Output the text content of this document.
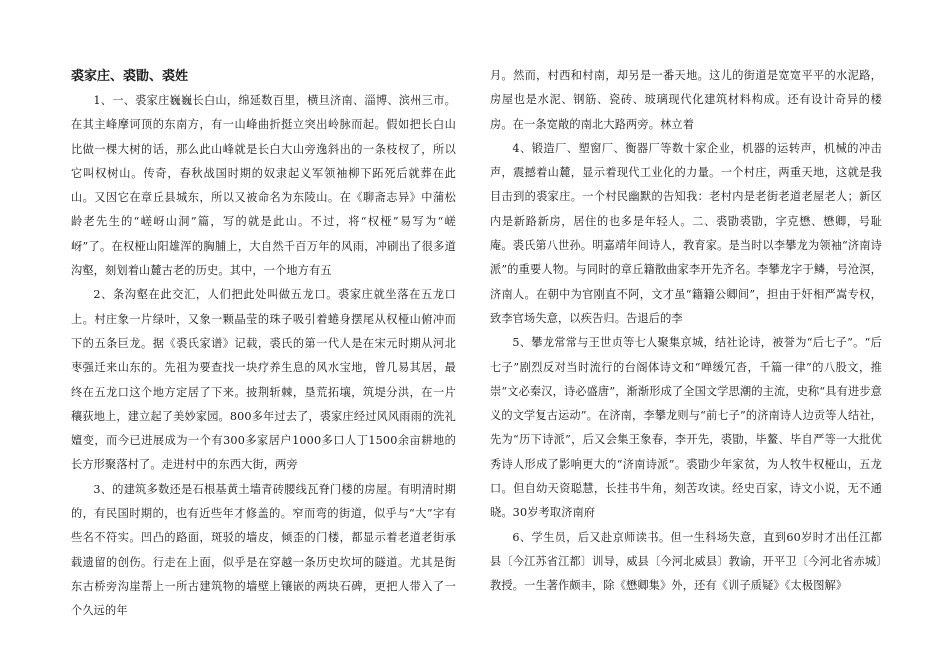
裘家庄、裘勖、裘姓

1、一、裘家庄巍巍长白山，绵延数百里，横旦济南、淄博、滨州三市。在其主峰摩诃顶的东南方，有一山峰曲折挺立突出岭脉而起。假如把长白山比做一棵大树的话，那么此山峰就是长白大山旁逸斜出的一条枝杈了，所以它叫权树山。传奇，春秋战国时期的奴隶起义军领袖柳下跖死后就葬在此山。又因它在章丘县城东，所以又被命名为东陵山。在《聊斋志异》中蒲松龄老先生的“嵯岈山洞”篇，写的就是此山。不过，将“权桠”易写为“嵯岈”了。在权桠山阳雄浑的胸脯上，大自然千百万年的风雨，冲刷出了很多道沟壑，刻划着山麓古老的历史。其中，一个地方有五

2、条沟壑在此交汇，人们把此处叫做五龙口。裘家庄就坐落在五龙口上。村庄象一片绿叶，又象一颗晶莹的珠子吸引着蜷身摆尾从权桠山俯冲而下的五条巨龙。据《裘氏家谱》记载，裘氏的第一代人是在宋元时期从河北枣强迁来山东的。先祖为要查找一块疗养生息的风水宝地，曾几易其居，最终在五龙口这个地方定居了下来。披荆斩棘，垦荒拓壤，筑堤分洪，在一片穰荻地上，建立起了美妙家园。800多年过去了，裘家庄经过风风雨雨的洗礼嬗变，而今已进展成为一个有300多家居户1000多口人丁1500余亩耕地的长方形聚落村了。走进村中的东西大街，两旁

3、的建筑多数还是石根基黄土墙青砖腰线瓦脊门楼的房屋。有明清时期的，有民国时期的，也有近些年才修盖的。窄而弯的街道，似乎与“大”字有些名不符实。凹凸的路面，斑驳的墙皮，倾歪的门楼，都显示着老道老街承载遗留的创伤。行走在上面，似乎是在穿越一条历史坎坷的隧道。尤其是街东古桥旁沟崖帮上一所古建筑物的墙壁上镶嵌的两块石碑，更把人带入了一个久远的年

月。然而，村西和村南，却另是一番天地。这儿的街道是宽宽平平的水泥路，房屋也是水泥、钢筋、瓷砖、玻璃现代化建筑材料构成。还有设计奇异的楼房。在一条宽敞的南北大路两旁。林立着

4、锻造厂、塑窗厂、衡器厂等数十家企业，机器的运转声，机械的冲击声，震撼着山麓，显示着现代工业化的力量。一个村庄，两重天地，这就是我目击到的裘家庄。一个村民幽默的告知我：老村内是老街老道老屋老人；新区内是新路新房，居住的也多是年轻人。二、裘勖裘勖，字克懋、懋卿，号耻庵。裘氏第八世孙。明嘉靖年间诗人，教育家。是当时以李攀龙为领袖“济南诗派”的重要人物。与同时的章丘籍散曲家李开先齐名。李攀龙字于鳞，号沧溟，济南人。在朝中为官刚直不阿，文才虽“籍籍公卿间”，担由于奸相严嵩专权，致李官场失意，以疾告归。告退后的李

5、攀龙常常与王世贞等七人聚集京城，结社论诗，被誉为“后七子”。“后七子”剧烈反对当时流行的台阁体诗文和“啴缓冗沓，千篇一律”的八股文，推崇“文必秦汉，诗必盛唐”，渐渐形成了全国文学思潮的主流，史称“具有进步意义的文学复古运动”。在济南，李攀龙则与“前七子”的济南诗人边贡等人结社，先为“历下诗派”，后又会集王象春，李开先，裘勖，毕鳌、毕自严等一大批优秀诗人形成了影响更大的“济南诗派”。裘勖少年家贫，为人牧牛权桠山，五龙口。但自幼天资聪慧，长挂书牛角，刻苦攻读。经史百家，诗文小说，无不通晓。30岁考取济南府

6、学生员，后又赴京师读书。但一生科场失意，直到60岁时才出任江都县〔今江苏省江都〕训导，威县〔今河北威县〕教谕，开平卫〔今河北省赤城〕教授。一生著作颇丰，除《懋卿集》外，还有《训子质疑》《太极图解》
